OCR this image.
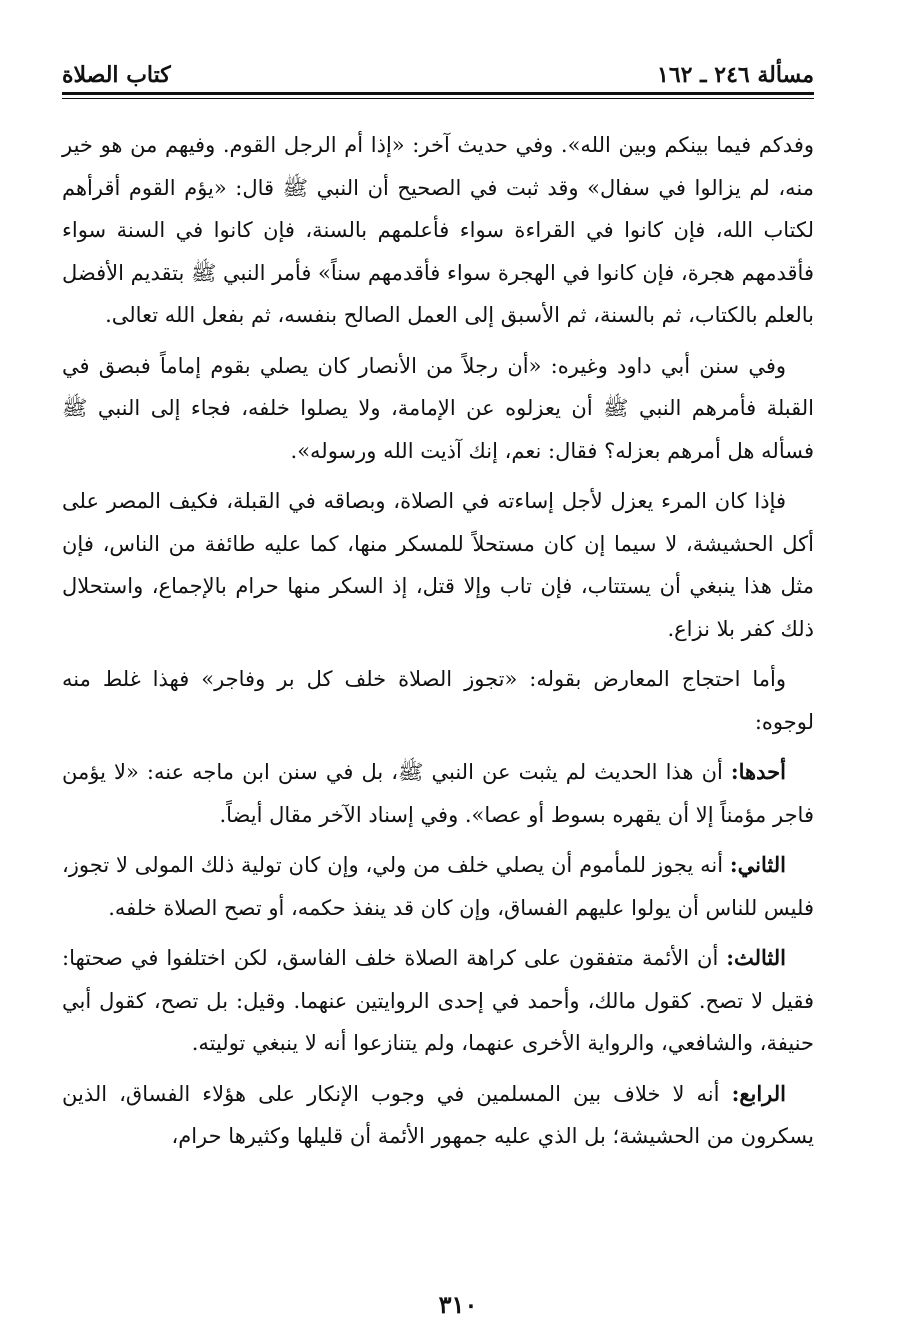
مسألة ٢٤٦ ـ ١٦٢
كتاب الصلاة

وفدكم فيما بينكم وبين الله». وفي حديث آخر: «إذا أم الرجل القوم. وفيهم من هو خير منه، لم يزالوا في سفال» وقد ثبت في الصحيح أن النبي ﷺ قال: «يؤم القوم أقرأهم لكتاب الله، فإن كانوا في القراءة سواء فأعلمهم بالسنة، فإن كانوا في السنة سواء فأقدمهم هجرة، فإن كانوا في الهجرة سواء فأقدمهم سناً» فأمر النبي ﷺ بتقديم الأفضل بالعلم بالكتاب، ثم بالسنة، ثم الأسبق إلى العمل الصالح بنفسه، ثم بفعل الله تعالى.

وفي سنن أبي داود وغيره: «أن رجلاً من الأنصار كان يصلي بقوم إماماً فبصق في القبلة فأمرهم النبي ﷺ أن يعزلوه عن الإمامة، ولا يصلوا خلفه، فجاء إلى النبي ﷺ فسأله هل أمرهم بعزله؟ فقال: نعم، إنك آذيت الله ورسوله».

فإذا كان المرء يعزل لأجل إساءته في الصلاة، وبصاقه في القبلة، فكيف المصر على أكل الحشيشة، لا سيما إن كان مستحلاً للمسكر منها، كما عليه طائفة من الناس، فإن مثل هذا ينبغي أن يستتاب، فإن تاب وإلا قتل، إذ السكر منها حرام بالإجماع، واستحلال ذلك كفر بلا نزاع.

وأما احتجاج المعارض بقوله: «تجوز الصلاة خلف كل بر وفاجر» فهذا غلط منه لوجوه:

أحدها: أن هذا الحديث لم يثبت عن النبي ﷺ، بل في سنن ابن ماجه عنه: «لا يؤمن فاجر مؤمناً إلا أن يقهره بسوط أو عصا». وفي إسناد الآخر مقال أيضاً.

الثاني: أنه يجوز للمأموم أن يصلي خلف من ولي، وإن كان تولية ذلك المولى لا تجوز، فليس للناس أن يولوا عليهم الفساق، وإن كان قد ينفذ حكمه، أو تصح الصلاة خلفه.

الثالث: أن الأئمة متفقون على كراهة الصلاة خلف الفاسق، لكن اختلفوا في صحتها: فقيل لا تصح. كقول مالك، وأحمد في إحدى الروايتين عنهما. وقيل: بل تصح، كقول أبي حنيفة، والشافعي، والرواية الأخرى عنهما، ولم يتنازعوا أنه لا ينبغي توليته.

الرابع: أنه لا خلاف بين المسلمين في وجوب الإنكار على هؤلاء الفساق، الذين يسكرون من الحشيشة؛ بل الذي عليه جمهور الأئمة أن قليلها وكثيرها حرام،

٣١٠
